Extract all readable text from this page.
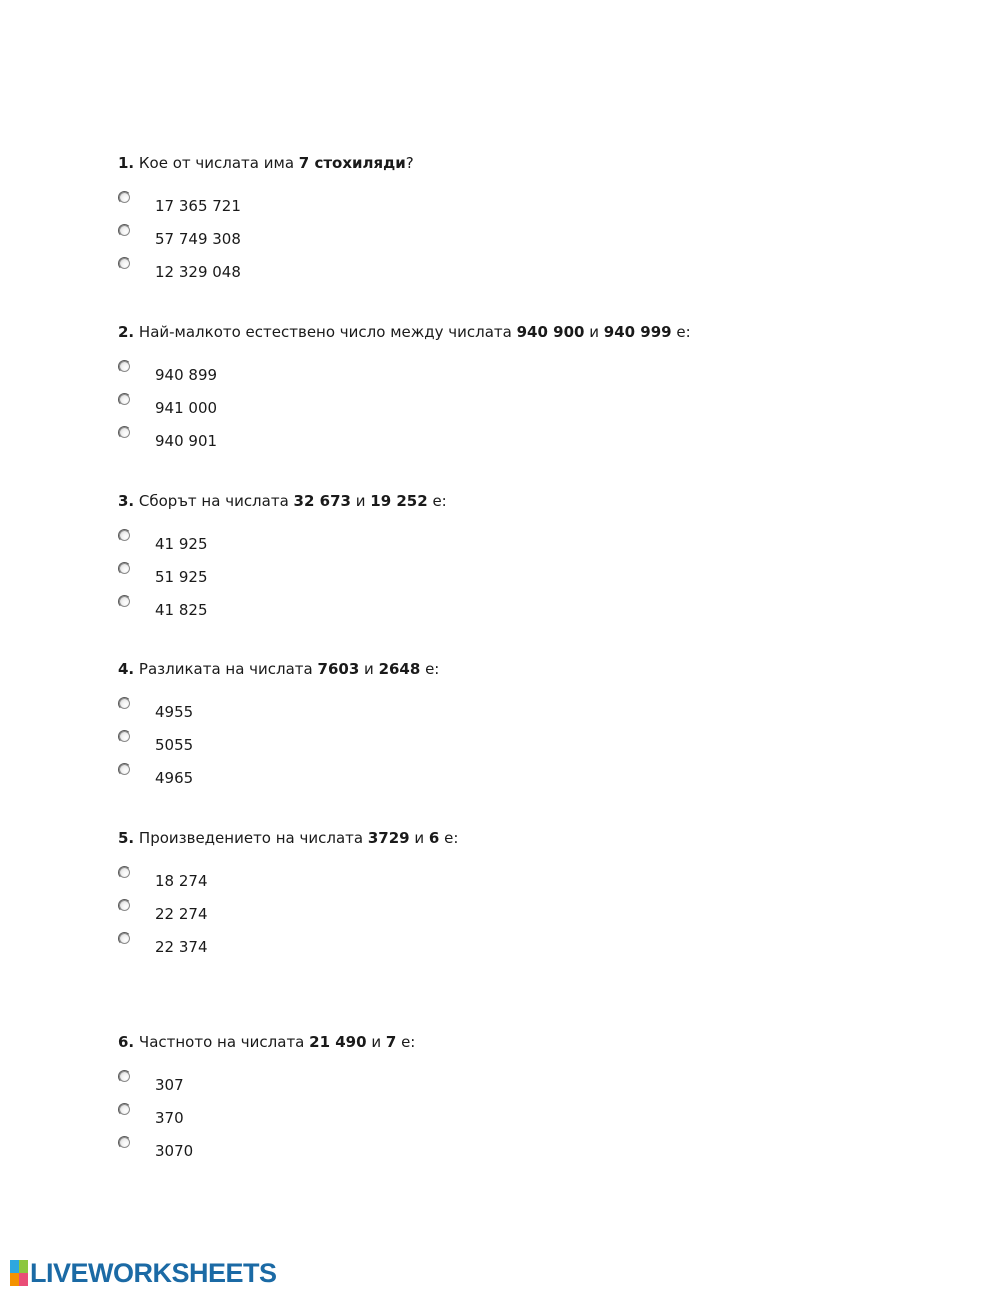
1. Кое от числата има 7 стохиляди?

17 365 721
57 749 308
12 329 048

2. Най-малкото естествено число между числата 940 900 и 940 999 е:

940 899
941 000
940 901

3. Сборът на числата 32 673 и 19 252 е:

41 925
51 925
41 825

4. Разликата на числата 7603 и 2648 е:

4955
5055
4965

5. Произведението на числата 3729 и 6 е:

18 274
22 274
22 374

6. Частното на числата 21 490 и 7 е:

307
370
3070
LIVEWORKSHEETS
